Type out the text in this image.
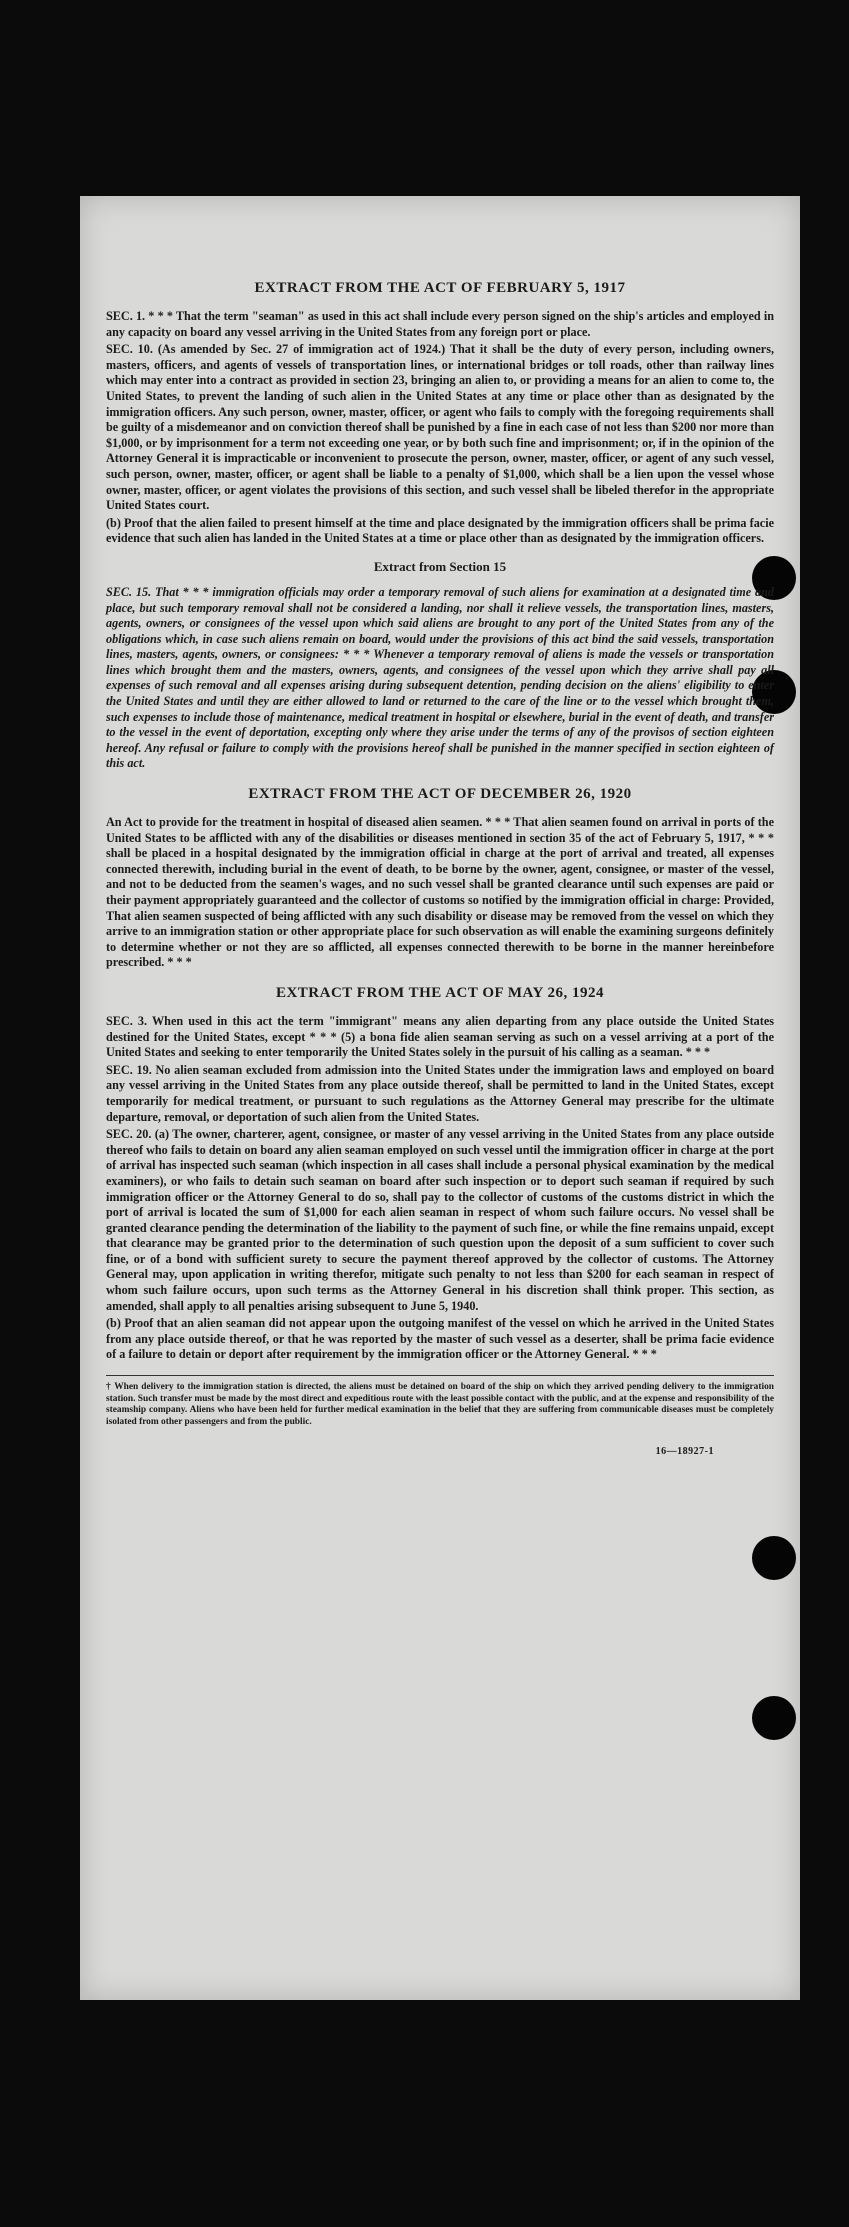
EXTRACT FROM THE ACT OF FEBRUARY 5, 1917

SEC. 1. * * * That the term "seaman" as used in this act shall include every person signed on the ship's articles and employed in any capacity on board any vessel arriving in the United States from any foreign port or place.

SEC. 10. (As amended by Sec. 27 of immigration act of 1924.) That it shall be the duty of every person, including owners, masters, officers, and agents of vessels of transportation lines, or international bridges or toll roads, other than railway lines which may enter into a contract as provided in section 23, bringing an alien to, or providing a means for an alien to come to, the United States, to prevent the landing of such alien in the United States at any time or place other than as designated by the immigration officers. Any such person, owner, master, officer, or agent who fails to comply with the foregoing requirements shall be guilty of a misdemeanor and on conviction thereof shall be punished by a fine in each case of not less than $200 nor more than $1,000, or by imprisonment for a term not exceeding one year, or by both such fine and imprisonment; or, if in the opinion of the Attorney General it is impracticable or inconvenient to prosecute the person, owner, master, officer, or agent of any such vessel, such person, owner, master, officer, or agent shall be liable to a penalty of $1,000, which shall be a lien upon the vessel whose owner, master, officer, or agent violates the provisions of this section, and such vessel shall be libeled therefor in the appropriate United States court.

(b) Proof that the alien failed to present himself at the time and place designated by the immigration officers shall be prima facie evidence that such alien has landed in the United States at a time or place other than as designated by the immigration officers.

Extract from Section 15

SEC. 15. That * * * immigration officials may order a temporary removal of such aliens for examination at a designated time and place, but such temporary removal shall not be considered a landing, nor shall it relieve vessels, the transportation lines, masters, agents, owners, or consignees of the vessel upon which said aliens are brought to any port of the United States from any of the obligations which, in case such aliens remain on board, would under the provisions of this act bind the said vessels, transportation lines, masters, agents, owners, or consignees: * * * Whenever a temporary removal of aliens is made the vessels or transportation lines which brought them and the masters, owners, agents, and consignees of the vessel upon which they arrive shall pay all expenses of such removal and all expenses arising during subsequent detention, pending decision on the aliens' eligibility to enter the United States and until they are either allowed to land or returned to the care of the line or to the vessel which brought them, such expenses to include those of maintenance, medical treatment in hospital or elsewhere, burial in the event of death, and transfer to the vessel in the event of deportation, excepting only where they arise under the terms of any of the provisos of section eighteen hereof. Any refusal or failure to comply with the provisions hereof shall be punished in the manner specified in section eighteen of this act.

EXTRACT FROM THE ACT OF DECEMBER 26, 1920

An Act to provide for the treatment in hospital of diseased alien seamen. * * * That alien seamen found on arrival in ports of the United States to be afflicted with any of the disabilities or diseases mentioned in section 35 of the act of February 5, 1917, * * * shall be placed in a hospital designated by the immigration official in charge at the port of arrival and treated, all expenses connected therewith, including burial in the event of death, to be borne by the owner, agent, consignee, or master of the vessel, and not to be deducted from the seamen's wages, and no such vessel shall be granted clearance until such expenses are paid or their payment appropriately guaranteed and the collector of customs so notified by the immigration official in charge: Provided, That alien seamen suspected of being afflicted with any such disability or disease may be removed from the vessel on which they arrive to an immigration station or other appropriate place for such observation as will enable the examining surgeons definitely to determine whether or not they are so afflicted, all expenses connected therewith to be borne in the manner hereinbefore prescribed. * * *

EXTRACT FROM THE ACT OF MAY 26, 1924

SEC. 3. When used in this act the term "immigrant" means any alien departing from any place outside the United States destined for the United States, except * * * (5) a bona fide alien seaman serving as such on a vessel arriving at a port of the United States and seeking to enter temporarily the United States solely in the pursuit of his calling as a seaman. * * *

SEC. 19. No alien seaman excluded from admission into the United States under the immigration laws and employed on board any vessel arriving in the United States from any place outside thereof, shall be permitted to land in the United States, except temporarily for medical treatment, or pursuant to such regulations as the Attorney General may prescribe for the ultimate departure, removal, or deportation of such alien from the United States.

SEC. 20. (a) The owner, charterer, agent, consignee, or master of any vessel arriving in the United States from any place outside thereof who fails to detain on board any alien seaman employed on such vessel until the immigration officer in charge at the port of arrival has inspected such seaman (which inspection in all cases shall include a personal physical examination by the medical examiners), or who fails to detain such seaman on board after such inspection or to deport such seaman if required by such immigration officer or the Attorney General to do so, shall pay to the collector of customs of the customs district in which the port of arrival is located the sum of $1,000 for each alien seaman in respect of whom such failure occurs. No vessel shall be granted clearance pending the determination of the liability to the payment of such fine, or while the fine remains unpaid, except that clearance may be granted prior to the determination of such question upon the deposit of a sum sufficient to cover such fine, or of a bond with sufficient surety to secure the payment thereof approved by the collector of customs. The Attorney General may, upon application in writing therefor, mitigate such penalty to not less than $200 for each seaman in respect of whom such failure occurs, upon such terms as the Attorney General in his discretion shall think proper. This section, as amended, shall apply to all penalties arising subsequent to June 5, 1940.

(b) Proof that an alien seaman did not appear upon the outgoing manifest of the vessel on which he arrived in the United States from any place outside thereof, or that he was reported by the master of such vessel as a deserter, shall be prima facie evidence of a failure to detain or deport after requirement by the immigration officer or the Attorney General. * * *

† When delivery to the immigration station is directed, the aliens must be detained on board of the ship on which they arrived pending delivery to the immigration station. Such transfer must be made by the most direct and expeditious route with the least possible contact with the public, and at the expense and responsibility of the steamship company. Aliens who have been held for further medical examination in the belief that they are suffering from communicable diseases must be completely isolated from other passengers and from the public.

16—18927-1
